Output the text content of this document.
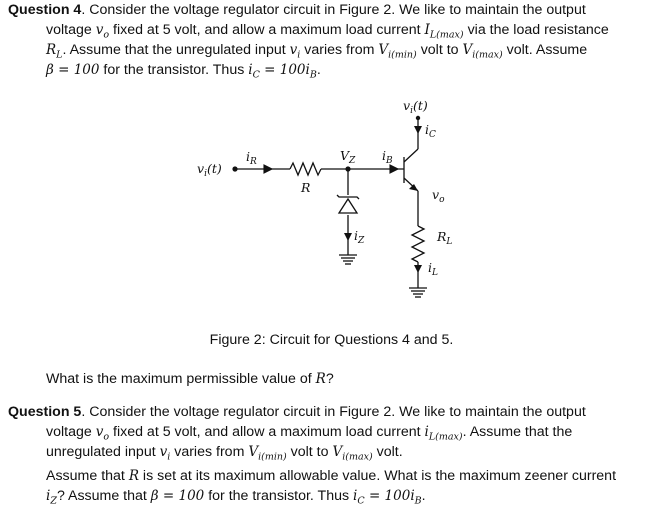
Question 4. Consider the voltage regulator circuit in Figure 2. We like to maintain the output
voltage $v_o$ fixed at 5 volt, and allow a maximum load current $I_{L(max)}$ via the load resistance
$R_L$. Assume that the unregulated input $v_i$ varies from $V_{i(min)}$ volt to $V_{i(max)}$ volt. Assume
β = 100 for the transistor. Thus $i_C = 100i_B$.
$v_i(t)$
$i_C$
$i_R$	$V_Z$ $i_B$
$v_i(t)$
R	$v_o$
$i_Z$	$R_L$
$i_L$
Figure 2: Circuit for Questions 4 and 5.
What is the maximum permissible value of R?
Question 5. Consider the voltage regulator circuit in Figure 2. We like to maintain the output
voltage $v_o$ fixed at 5 volt, and allow a maximum load current $i_{L(max)}$. Assume that the
unregulated input $v_i$ varies from $V_{i(min)}$ volt to $V_{i(max)}$ volt.
Assume that R is set at its maximum allowable value. What is the maximum zeener current
$i_Z$? Assume that β = 100 for the transistor. Thus $i_C = 100i_B$.
